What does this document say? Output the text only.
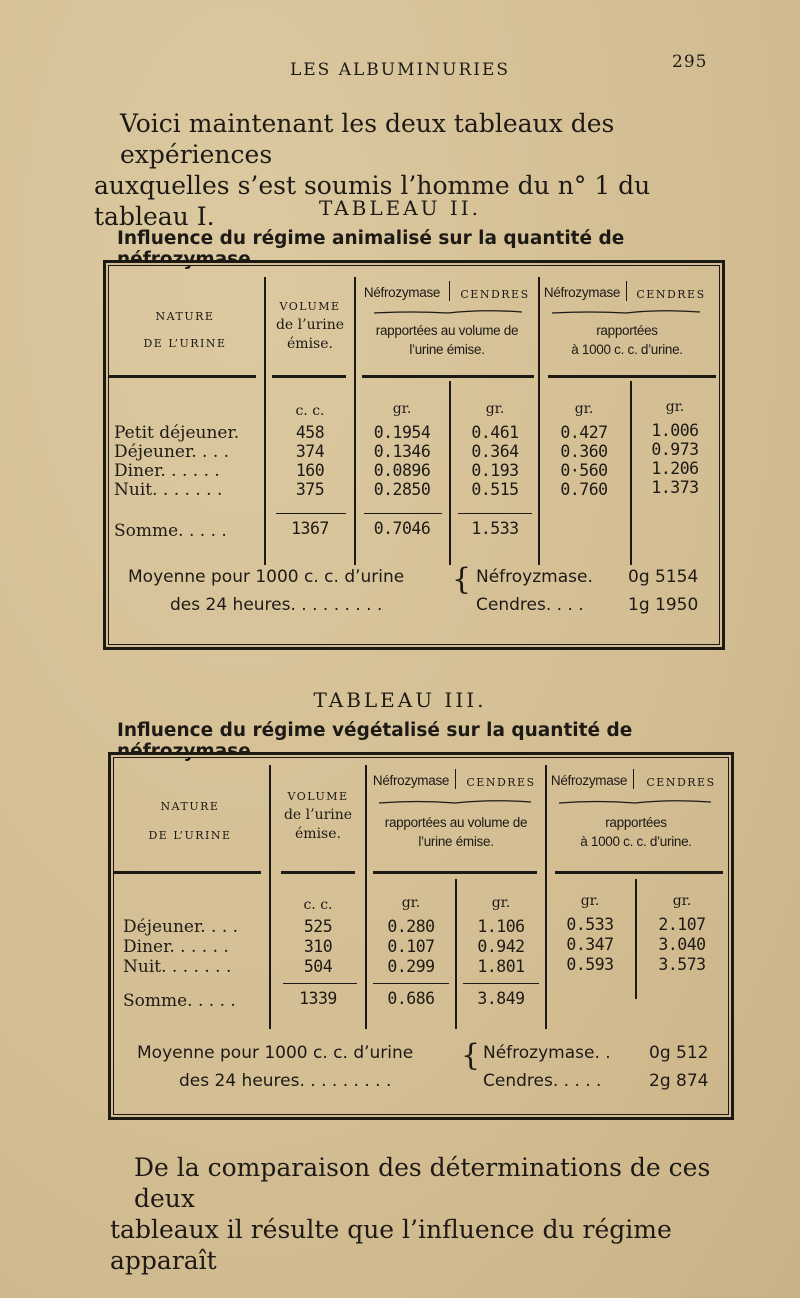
LES ALBUMINURIES	295
Voici maintenant les deux tableaux des expériences
auxquelles s’est soumis l’homme du n° 1 du tableau I.	TABLEAU II.
Influence du régime animalisé sur la quantité de néfrozymase.
NATURE
DE L’URINE
VOLUME
de l’urine
émise.
Néfrozymase	CENDRES
rapportées au volume de
l’urine émise.
Néfrozymase	CENDRES
rapportées
à 1000 c. c. d’urine.
c. c.	gr.	gr.	gr.	gr.
Petit déjeuner.	458	0.1954	0.461	0.427	1.006
Déjeuner. . . .	374	0.1346	0.364	0.360	0.973
Diner. . . . . .	160	0.0896	0.193	0·560	1.206
Nuit. . . . . . .	375	0.2850	0.515	0.760	1.373
Somme. . . . .	1367	0.7046	1.533
Moyenne pour 1000 c. c. d’urine
des 24 heures. . . . . . . . .
{ Néfroyzmase. 0g 5154
Cendres. . . .	1g 1950
TABLEAU III.
Influence du régime végétalisé sur la quantité de néfrozymase.
NATURE
DE L’URINE
VOLUME
de l’urine
émise.
Néfrozymase	CENDRES
rapportées au volume de
l’urine émise.
Néfrozymase	CENDRES
rapportées
à 1000 c. c. d’urine.
c. c.	gr.	gr.	gr.	gr.
Déjeuner. . . .	525	0.280	1.106	0.533	2.107
Diner. . . . . .	310	0.107	0.942	0.347	3.040
Nuit. . . . . . .	504	0.299	1.801	0.593	3.573
Somme. . . . .	1339	0.686	3.849
Moyenne pour 1000 c. c. d’urine
des 24 heures. . . . . . . . .
{ Néfrozymase. . 0g 512
Cendres. . . . .	2g 874
De la comparaison des déterminations de ces deux
tableaux il résulte que l’influence du régime apparaît
